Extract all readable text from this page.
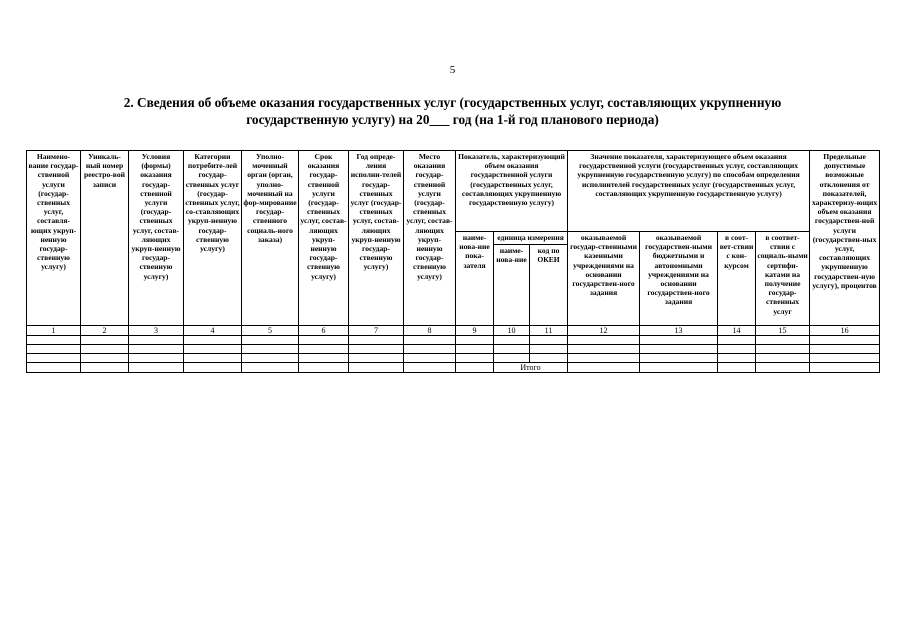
5
2. Сведения об объеме оказания государственных услуг (государственных услуг, составляющих укрупненную
государственную услугу) на 20___ год (на 1-й год планового периода)
Наимено-вание государ-ственной услуги (государ-ственных услуг, составля-ющих укруп-ненную государ-ственную услугу)	Уникаль-ный номер реестро-вой записи	Условия (формы) оказания государ-ственной услуги (государ-ственных услуг, состав-ляющих укруп-ненную государ-ственную услугу)	Категории потребите-лей государ-ственных услуг (государ-ственных услуг, со-ставляющих укруп-ненную государ-ственную услугу)	Уполно-моченный орган (орган, уполно-моченный на фор-мирование государ-ственного социаль-ного заказа)	Срок оказания государ-ственной услуги (государ-ственных услуг, состав-ляющих укруп-ненную государ-ственную услугу)	Год опреде-ления исполни-телей государ-ственных услуг (государ-ственных услуг, состав-ляющих укруп-ненную государ-ственную услугу)	Место оказания государ-ственной услуги (государ-ственных услуг, состав-ляющих укруп-ненную государ-ственную услугу)	Показатель, характеризующий объем оказания государственной услуги (государственных услуг, составляющих укрупненную государственную услугу)			Значение показателя, характеризующего объем оказания государственной услуги (государственных услуг, составляющих укрупненную государственную услугу) по способам определения исполнителей государственных услуг (государственных услуг, составляющих укрупненную государственную услугу)				Предельные допустимые возможные отклонения от показателей, характеризу-ющих объем оказания государствен-ной услуги (государствен-ных услуг, составляющих укрупненную государствен-ную услугу), процентов
								наиме-нова-ние пока-зателя	единица измерения		оказываемой государ-ственными казенными учреждениями на основании государствен-ного задания	оказываемой государствен-ными бюджетными и автономными учреждениями на основании государствен-ного задания	в соот-вет-ствии с кон-курсом	в соответ-ствии с социаль-ными сертифи-катами на получение государ-ственных услуг	
									наиме-нова-ние	код по ОКЕИ					
1	2	3	4	5	6	7	8	9	10	11	12	13	14	15	16

									Итого						
